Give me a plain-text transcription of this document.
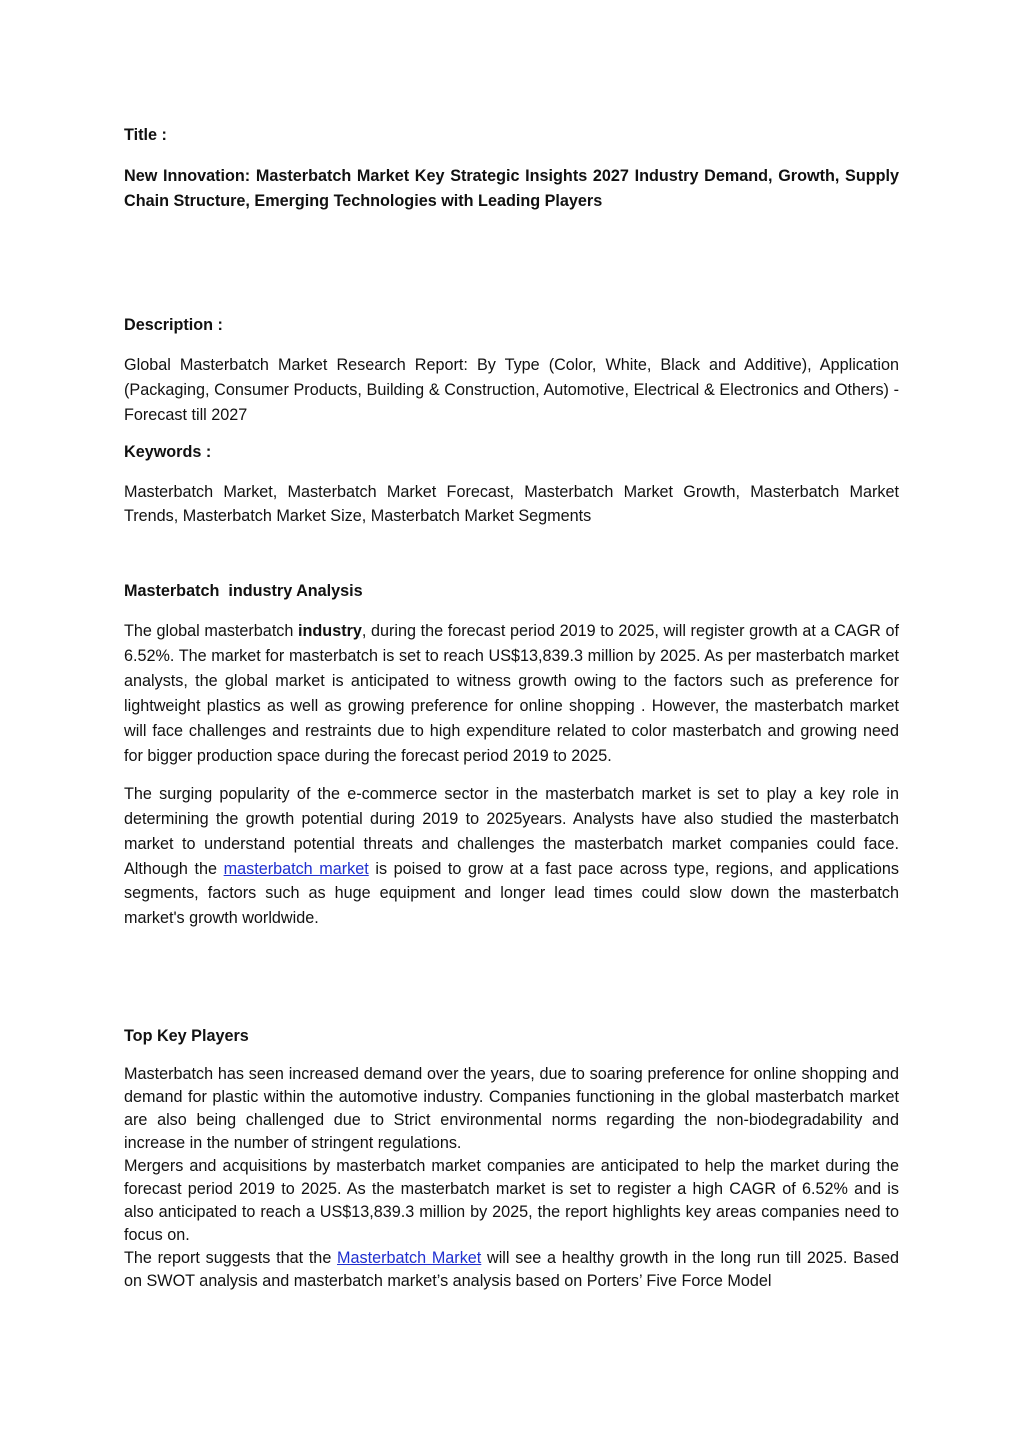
Title :

New Innovation: Masterbatch Market Key Strategic Insights 2027 Industry Demand, Growth, Supply Chain Structure, Emerging Technologies with Leading Players

Description :

Global Masterbatch Market Research Report: By Type (Color, White, Black and Additive), Application (Packaging, Consumer Products, Building & Construction, Automotive, Electrical & Electronics and Others) - Forecast till 2027

Keywords :

Masterbatch Market, Masterbatch Market Forecast, Masterbatch Market Growth, Masterbatch Market Trends, Masterbatch Market Size, Masterbatch Market Segments

Masterbatch  industry Analysis

The global masterbatch industry, during the forecast period 2019 to 2025, will register growth at a CAGR of 6.52%. The market for masterbatch is set to reach US$13,839.3 million by 2025. As per masterbatch market analysts, the global market is anticipated to witness growth owing to the factors such as preference for lightweight plastics as well as growing preference for online shopping . However, the masterbatch market will face challenges and restraints due to high expenditure related to color masterbatch and growing need for bigger production space during the forecast period 2019 to 2025.

The surging popularity of the e-commerce sector in the masterbatch market is set to play a key role in determining the growth potential during 2019 to 2025years. Analysts have also studied the masterbatch market to understand potential threats and challenges the masterbatch market companies could face. Although the masterbatch market is poised to grow at a fast pace across type, regions, and applications segments, factors such as huge equipment and longer lead times could slow down the masterbatch market's growth worldwide.

Top Key Players

Masterbatch has seen increased demand over the years, due to soaring preference for online shopping and demand for plastic within the automotive industry. Companies functioning in the global masterbatch market are also being challenged due to Strict environmental norms regarding the non-biodegradability and increase in the number of stringent regulations.

Mergers and acquisitions by masterbatch market companies are anticipated to help the market during the forecast period 2019 to 2025. As the masterbatch market is set to register a high CAGR of 6.52% and is also anticipated to reach a US$13,839.3 million by 2025, the report highlights key areas companies need to focus on.

The report suggests that the Masterbatch Market will see a healthy growth in the long run till 2025. Based on SWOT analysis and masterbatch market’s analysis based on Porters’ Five Force Model
